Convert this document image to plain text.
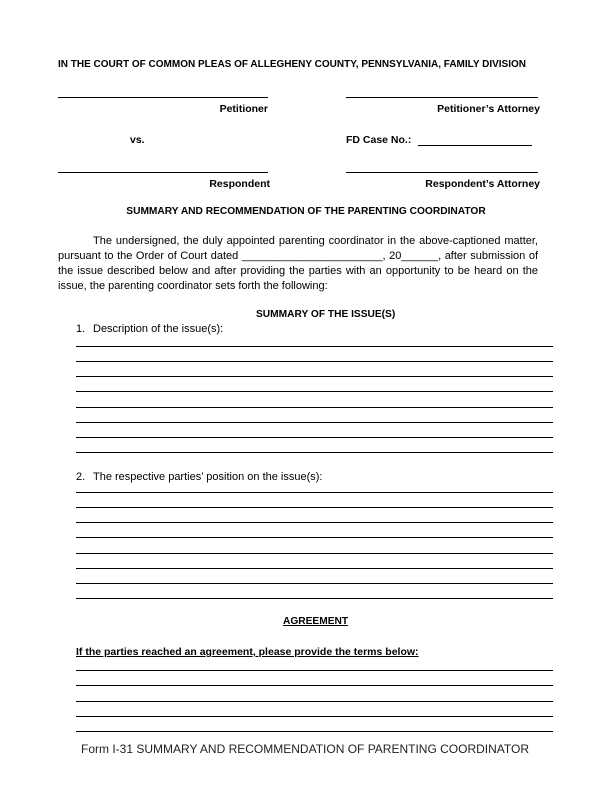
IN THE COURT OF COMMON PLEAS OF ALLEGHENY COUNTY, PENNSYLVANIA, FAMILY DIVISION
Petitioner	Petitioner’s Attorney
vs.	FD Case No.:
Respondent	Respondent’s Attorney
SUMMARY AND RECOMMENDATION OF THE PARENTING COORDINATOR
The undersigned, the duly appointed parenting coordinator in the above-captioned matter,
pursuant to the Order of Court dated _______________________, 20______, after submission of
the issue described below and after providing the parties with an opportunity to be heard on the
issue, the parenting coordinator sets forth the following:
SUMMARY OF THE ISSUE(S)
1. Description of the issue(s):
2. The respective parties’ position on the issue(s):
AGREEMENT
If the parties reached an agreement, please provide the terms below:
Form I-31 SUMMARY AND RECOMMENDATION OF PARENTING COORDINATOR
